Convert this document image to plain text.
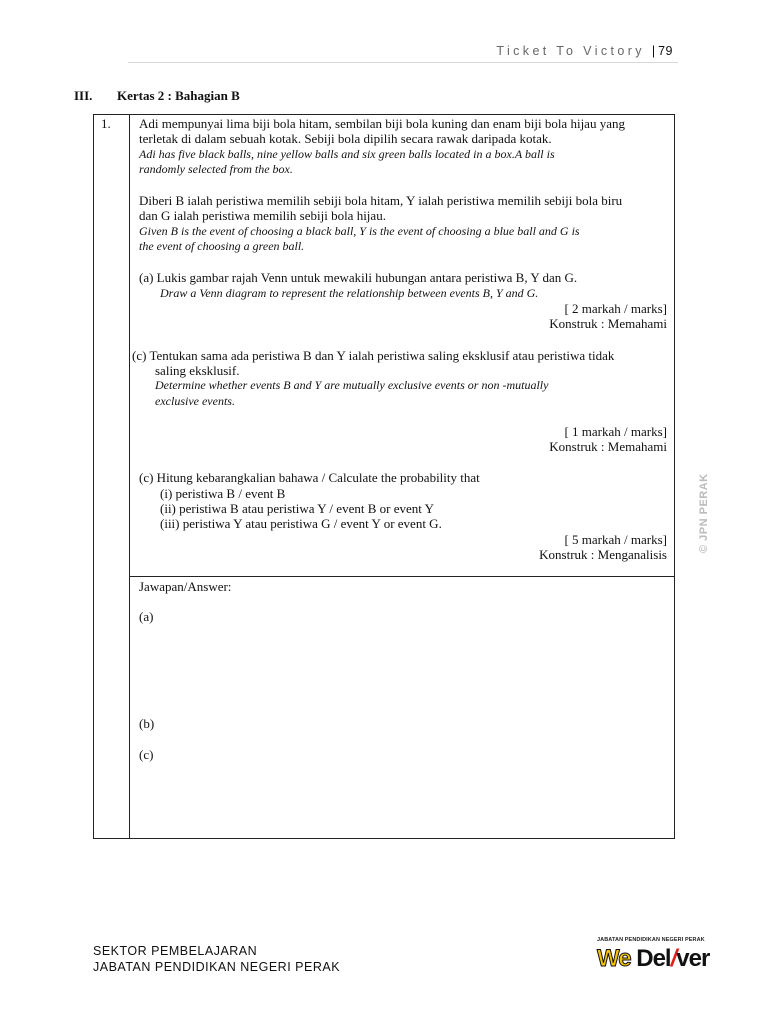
Ticket To Victory | 79
III. Kertas 2 : Bahagian B
1. Adi mempunyai lima biji bola hitam, sembilan biji bola kuning dan enam biji bola hijau yang
terletak di dalam sebuah kotak. Sebiji bola dipilih secara rawak daripada kotak.
Adi has five black balls, nine yellow balls and six green balls located in a box.A ball is
randomly selected from the box.
Diberi B ialah peristiwa memilih sebiji bola hitam, Y ialah peristiwa memilih sebiji bola biru
dan G ialah peristiwa memilih sebiji bola hijau.
Given B is the event of choosing a black ball, Y is the event of choosing a blue ball and G is
the event of choosing a green ball.
(a) Lukis gambar rajah Venn untuk mewakili hubungan antara peristiwa B, Y dan G.
Draw a Venn diagram to represent the relationship between events B, Y and G.
[ 2 markah / marks]
Konstruk : Memahami
(c) Tentukan sama ada peristiwa B dan Y ialah peristiwa saling eksklusif atau peristiwa tidak
saling eksklusif.
Determine whether events B and Y are mutually exclusive events or non -mutually
exclusive events.
[ 1 markah / marks]
Konstruk : Memahami
(c) Hitung kebarangkalian bahawa / Calculate the probability that
(i) peristiwa B / event B
(ii) peristiwa B atau peristiwa Y / event B or event Y
(iii) peristiwa Y atau peristiwa G / event Y or event G.
[ 5 markah / marks]
Konstruk : Menganalisis
Jawapan/Answer:
(a)
(b)
(c)
© JPN PERAK
SEKTOR PEMBELAJARAN
JABATAN PENDIDIKAN NEGERI PERAK
JABATAN PENDIDIKAN NEGERI PERAK
We Del/ver
